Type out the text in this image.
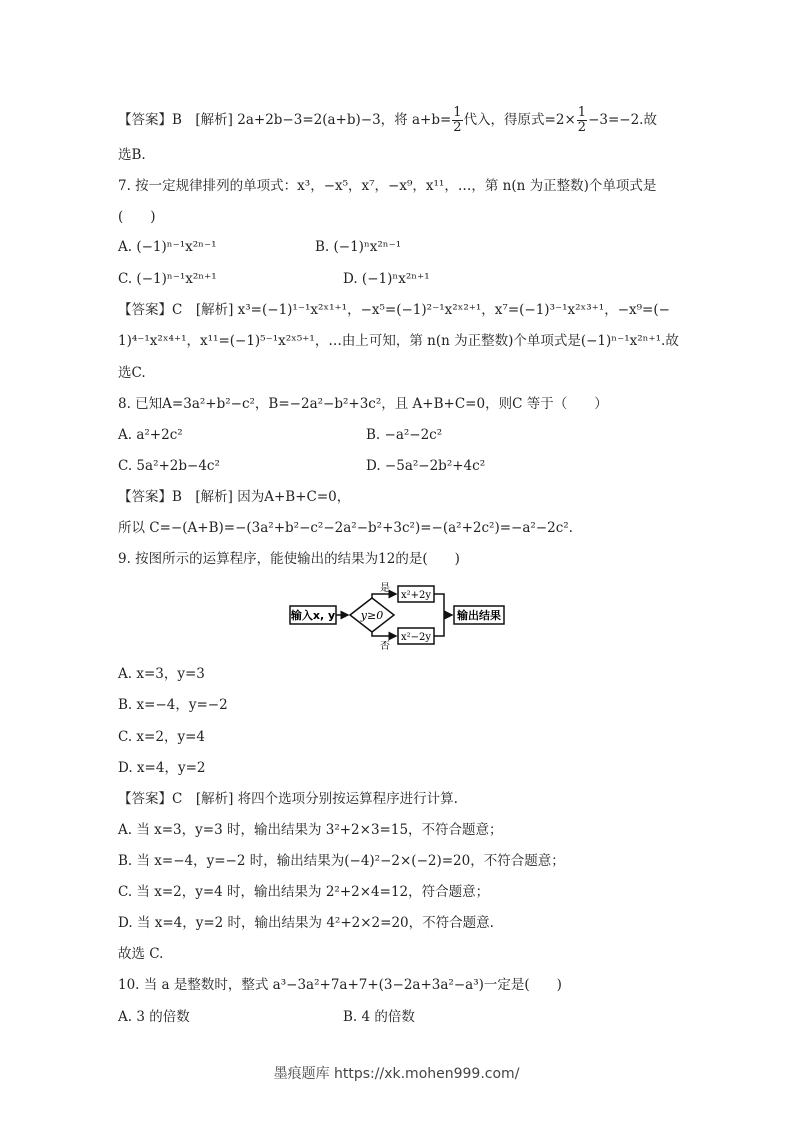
【答案】B　[解析] 2a+2b−3=2(a+b)−3，将 $a+b= \frac{1}{2}$ 代入，得原式$=2\times \frac{1}{2} -3=-2$.故
选B.
7. 按一定规律排列的单项式：x³，−x⁵，x⁷，−x⁹，x¹¹，…，第 n(n 为正整数)个单项式是
(　　)
A. (−1)ⁿ⁻¹x²ⁿ⁻¹	B. (−1)ⁿx²ⁿ⁻¹
C. (−1)ⁿ⁻¹x²ⁿ⁺¹	D. (−1)ⁿx²ⁿ⁺¹
【答案】C　[解析] x³=(−1)¹⁻¹x²ˣ¹⁺¹，−x⁵=(−1)²⁻¹x²ˣ²⁺¹，x⁷=(−1)³⁻¹x²ˣ³⁺¹，−x⁹=(−
1)⁴⁻¹x²ˣ⁴⁺¹，x¹¹=(−1)⁵⁻¹x²ˣ⁵⁺¹，…由上可知，第 n(n 为正整数)个单项式是(−1)ⁿ⁻¹x²ⁿ⁺¹.故
选C.
8. 已知A=3a²+b²−c²，B=−2a²−b²+3c²，且 A+B+C=0，则C 等于（　　）
A. a²+2c²	B. −a²−2c²
C. 5a²+2b−4c²	D. −5a²−2b²+4c²
【答案】B　[解析] 因为A+B+C=0，
所以 C=−(A+B)=−(3a²+b²−c²−2a²−b²+3c²)=−(a²+2c²)=−a²−2c².
9. 按图所示的运算程序，能使输出的结果为12的是(　　)
输入x, y y≥0
是
否
x²+2y
x²−2y
输出结果
A. x=3，y=3
B. x=−4，y=−2
C. x=2，y=4
D. x=4，y=2
【答案】C　[解析] 将四个选项分别按运算程序进行计算.
A. 当 x=3，y=3 时，输出结果为 3²+2×3=15，不符合题意；
B. 当 x=−4，y=−2 时，输出结果为(−4)²−2×(−2)=20，不符合题意；
C. 当 x=2，y=4 时，输出结果为 2²+2×4=12，符合题意；
D. 当 x=4，y=2 时，输出结果为 4²+2×2=20，不符合题意.
故选 C.
10. 当 a 是整数时，整式 a³−3a²+7a+7+(3−2a+3a²−a³)一定是(　　)
A. 3 的倍数	B. 4 的倍数
墨痕题库 https://xk.mohen999.com/
